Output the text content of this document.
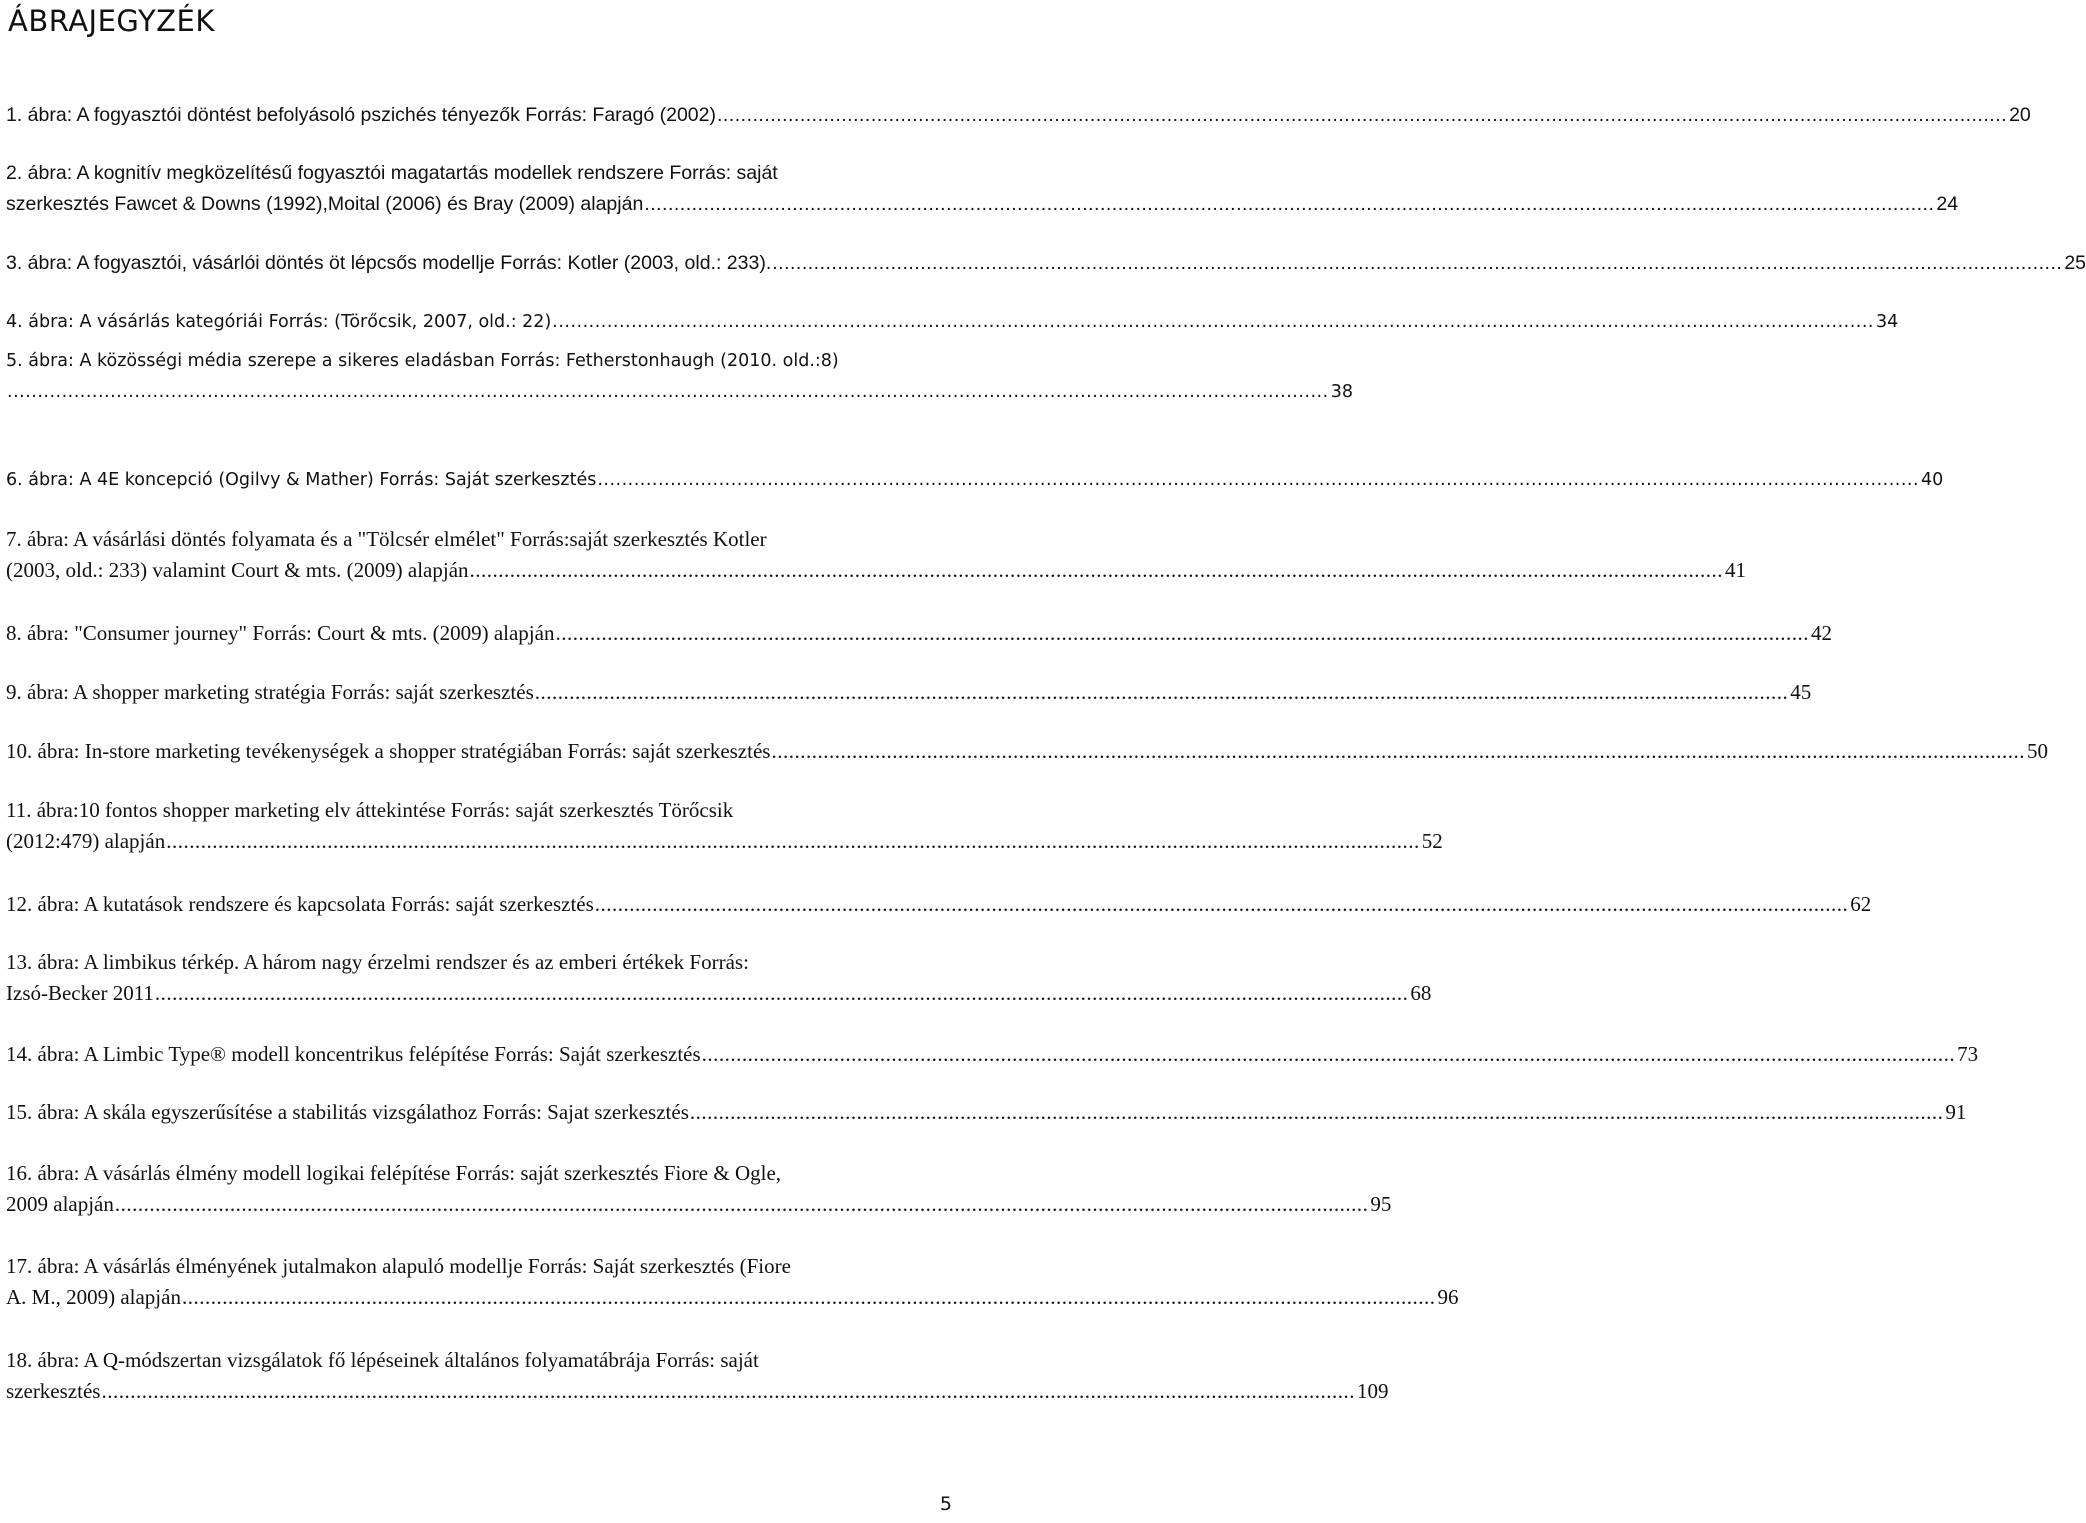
ÁBRAJEGYZÉK
1. ábra: A fogyasztói döntést befolyásoló pszichés tényezők Forrás: Faragó (2002) .......................................................................................................................................................................................................................... 20
2. ábra: A kognitív megközelítésű fogyasztói magatartás modellek rendszere Forrás: saját
szerkesztés Fawcet & Downs (1992),Moital (2006) és Bray (2009) alapján .......................................................................................................................................................................................................................... 24
3. ábra: A fogyasztói, vásárlói döntés öt lépcsős modellje Forrás: Kotler (2003, old.: 233). .......................................................................................................................................................................................................................... 25
4. ábra: A vásárlás kategóriái Forrás: (Törőcsik, 2007, old.: 22) .......................................................................................................................................................................................................................... 34
5. ábra: A közösségi média szerepe a sikeres eladásban Forrás: Fetherstonhaugh (2010. old.:8)
.......................................................................................................................................................................................................................... 38
6. ábra: A 4E koncepció (Ogilvy & Mather) Forrás: Saját szerkesztés .......................................................................................................................................................................................................................... 40
7. ábra: A vásárlási döntés folyamata és a "Tölcsér elmélet" Forrás:saját szerkesztés Kotler
(2003, old.: 233) valamint Court & mts. (2009) alapján .......................................................................................................................................................................................................................... 41
8. ábra: "Consumer journey" Forrás: Court & mts. (2009) alapján .......................................................................................................................................................................................................................... 42
9. ábra: A shopper marketing stratégia Forrás: saját szerkesztés .......................................................................................................................................................................................................................... 45
10. ábra: In-store marketing tevékenységek a shopper stratégiában Forrás: saját szerkesztés .......................................................................................................................................................................................................................... 50
11. ábra:10 fontos shopper marketing elv áttekintése Forrás: saját szerkesztés Törőcsik
(2012:479) alapján .......................................................................................................................................................................................................................... 52
12. ábra: A kutatások rendszere és kapcsolata Forrás: saját szerkesztés .......................................................................................................................................................................................................................... 62
13. ábra: A limbikus térkép. A három nagy érzelmi rendszer és az emberi értékek Forrás:
Izsó-Becker 2011 .......................................................................................................................................................................................................................... 68
14. ábra: A Limbic Type® modell koncentrikus felépítése Forrás: Saját szerkesztés .......................................................................................................................................................................................................................... 73
15. ábra: A skála egyszerűsítése a stabilitás vizsgálathoz Forrás: Sajat szerkesztés .......................................................................................................................................................................................................................... 91
16. ábra: A vásárlás élmény modell logikai felépítése Forrás: saját szerkesztés Fiore & Ogle,
2009 alapján .......................................................................................................................................................................................................................... 95
17. ábra: A vásárlás élményének jutalmakon alapuló modellje Forrás: Saját szerkesztés (Fiore
A. M., 2009) alapján .......................................................................................................................................................................................................................... 96
18. ábra: A Q-módszertan vizsgálatok fő lépéseinek általános folyamatábrája Forrás: saját
szerkesztés .......................................................................................................................................................................................................................... 109
5
